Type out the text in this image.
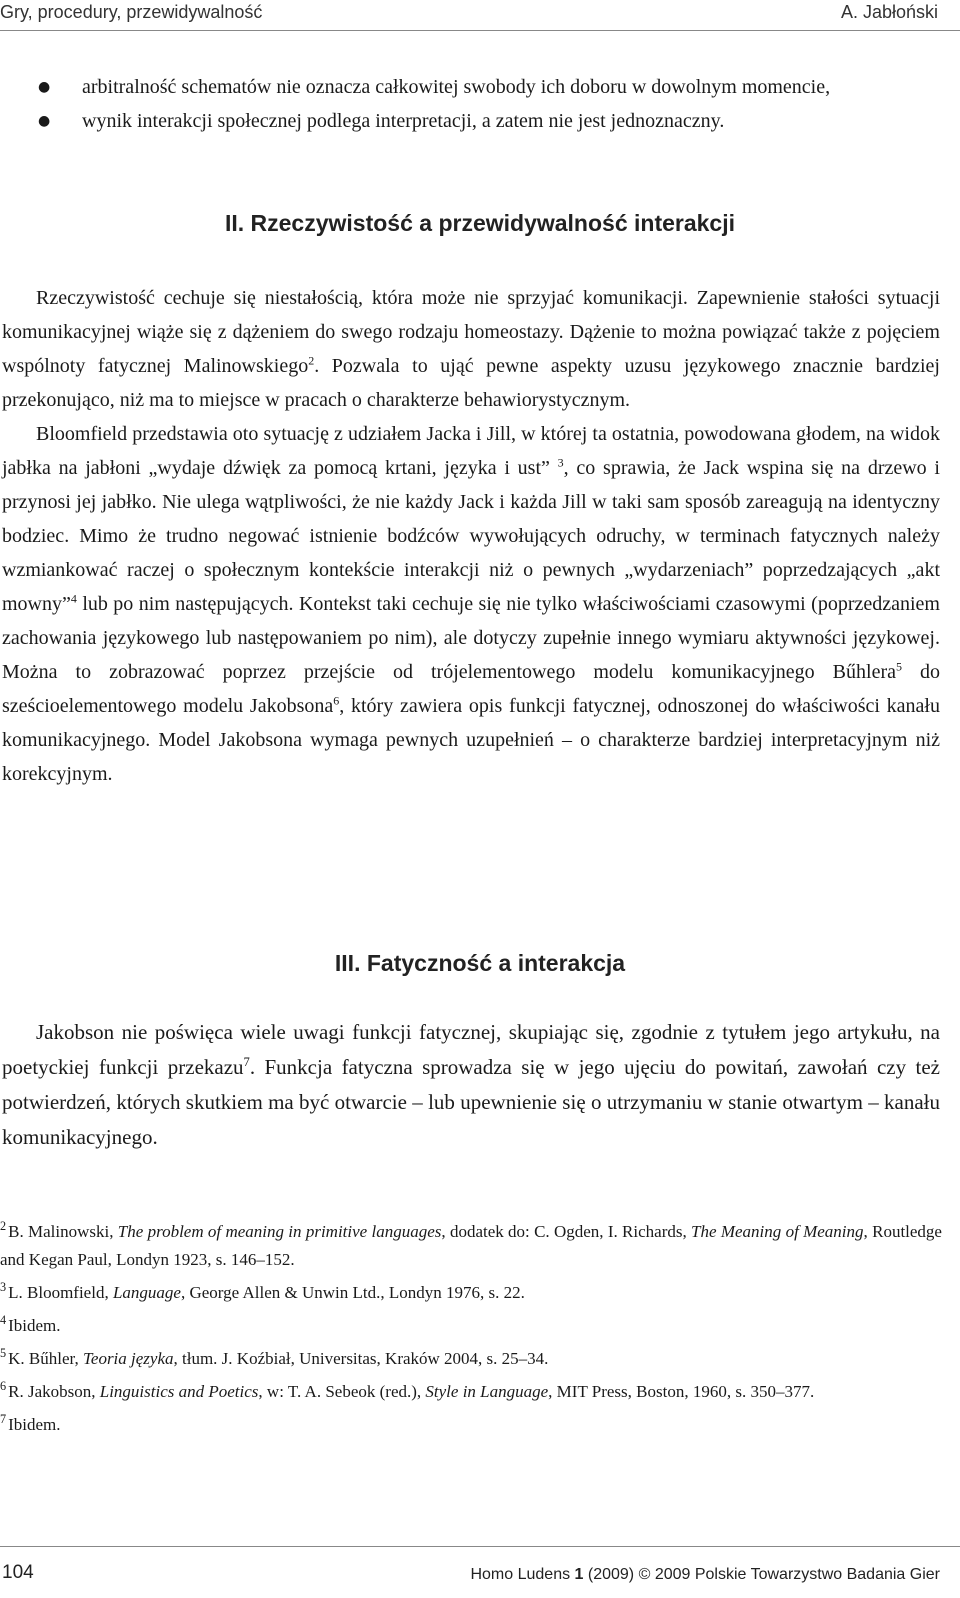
Gry, procedury, przewidywalność	A. Jabłoński
● arbitralność schematów nie oznacza całkowitej swobody ich doboru w dowolnym momencie,
● wynik interakcji społecznej podlega interpretacji, a zatem nie jest jednoznaczny.
II. Rzeczywistość a przewidywalność interakcji

Rzeczywistość cechuje się niestałością, która może nie sprzyjać komunikacji. Zapewnienie stałości sytuacji komunikacyjnej wiąże się z dążeniem do swego rodzaju homeostazy. Dążenie to można powiązać także z pojęciem wspólnoty fatycznej Malinowskiego$^2$. Pozwala to ująć pewne aspekty uzusu językowego znacznie bardziej przekonująco, niż ma to miejsce w pracach o charakterze behawiorystycznym.

Bloomfield przedstawia oto sytuację z udziałem Jacka i Jill, w której ta ostatnia, powodowana głodem, na widok jabłka na jabłoni „wydaje dźwięk za pomocą krtani, języka i ust” $^3$, co sprawia, że Jack wspina się na drzewo i przynosi jej jabłko. Nie ulega wątpliwości, że nie każdy Jack i każda Jill w taki sam sposób zareagują na identyczny bodziec. Mimo że trudno negować istnienie bodźców wywołujących odruchy, w terminach fatycznych należy wzmiankować raczej o społecznym kontekście interakcji niż o pewnych „wydarzeniach” poprzedzających „akt mowny”$^4$ lub po nim następujących. Kontekst taki cechuje się nie tylko właściwościami czasowymi (poprzedzaniem zachowania językowego lub następowaniem po nim), ale dotyczy zupełnie innego wymiaru aktywności językowej. Można to zobrazować poprzez przejście od trójelementowego modelu komunikacyjnego Bűhlera$^5$ do sześcioelementowego modelu Jakobsona$^6$, który zawiera opis funkcji fatycznej, odnoszonej do właściwości kanału komunikacyjnego. Model Jakobsona wymaga pewnych uzupełnień – o charakterze bardziej interpretacyjnym niż korekcyjnym.

III. Fatyczność a interakcja

Jakobson nie poświęca wiele uwagi funkcji fatycznej, skupiając się, zgodnie z tytułem jego artykułu, na poetyckiej funkcji przekazu$^7$. Funkcja fatyczna sprowadza się w jego ujęciu do powitań, zawołań czy też potwierdzeń, których skutkiem ma być otwarcie – lub upewnienie się o utrzymaniu w stanie otwartym – kanału komunikacyjnego.

$^2$ B. Malinowski, The problem of meaning in primitive languages, dodatek do: C. Ogden, I. Richards, The Meaning of Meaning, Routledge and Kegan Paul, Londyn 1923, s. 146–152.

$^3$ L. Bloomfield, Language, George Allen & Unwin Ltd., Londyn 1976, s. 22.

$^4$ Ibidem.

$^5$ K. Bűhler, Teoria języka, tłum. J. Koźbiał, Universitas, Kraków 2004, s. 25–34.

$^6$ R. Jakobson, Linguistics and Poetics, w: T. A. Sebeok (red.), Style in Language, MIT Press, Boston, 1960, s. 350–377.

$^7$ Ibidem.

104	Homo Ludens 1 (2009) © 2009 Polskie Towarzystwo Badania Gier
